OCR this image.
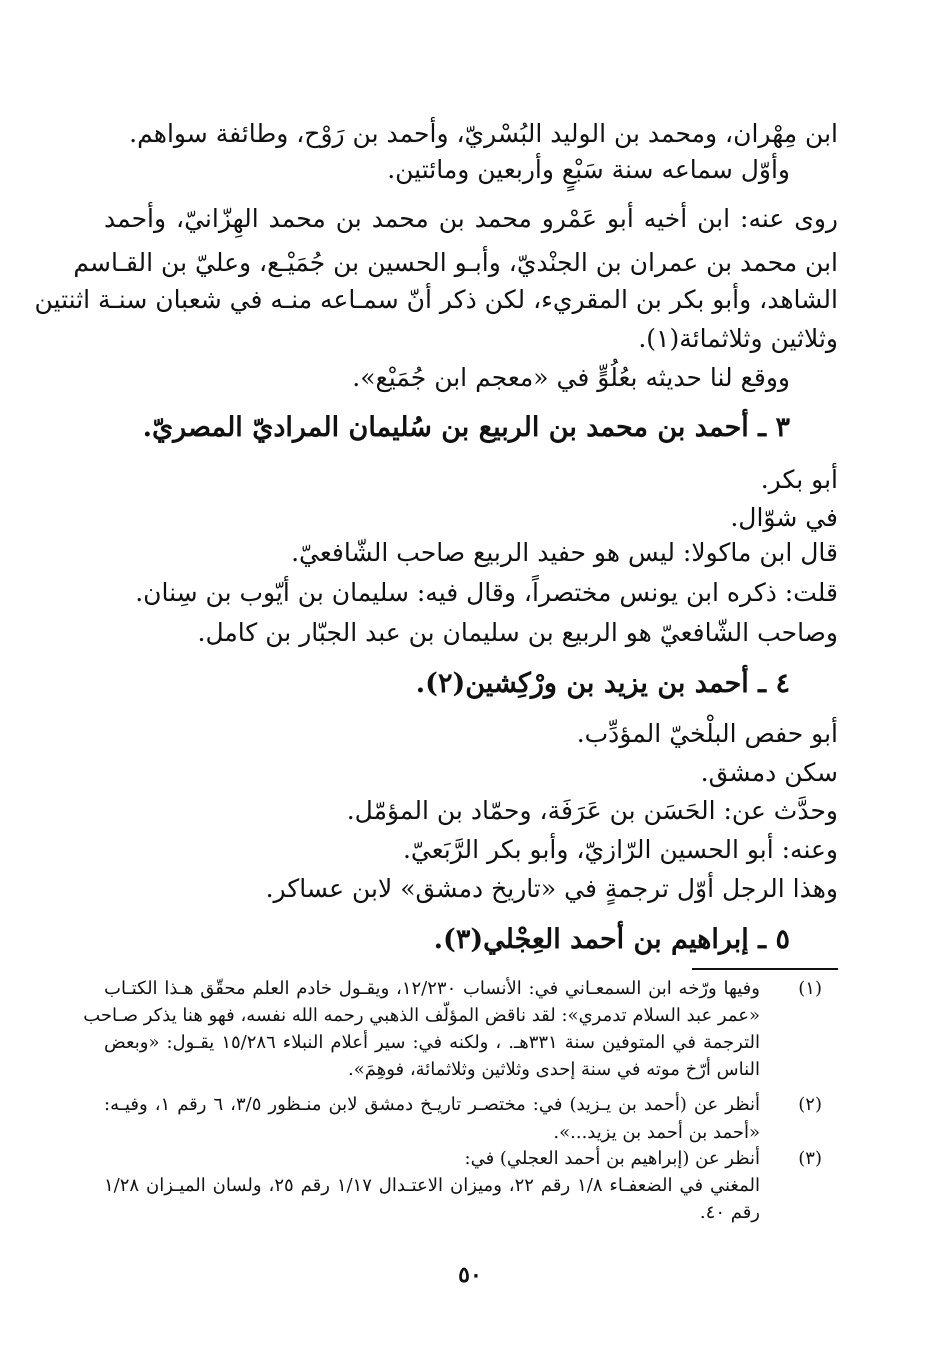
ابن مِهْران، ومحمد بن الوليد البُسْريّ، وأحمد بن رَوْح، وطائفة سواهم.
وأوّل سماعه سنة سَبْعٍ وأربعين ومائتين.
روى عنه: ابن أخيه أبو عَمْرو محمد بن محمد بن محمد الهِزّانيّ، وأحمد
ابن محمد بن عمران بن الجنْديّ، وأبـو الحسين بن جُمَيْـع، وعليّ بن القـاسم
الشاهد، وأبو بكر بن المقريء، لكن ذكر أنّ سمـاعه منـه في شعبان سنـة اثنتين
وثلاثين وثلاثمائة(١).
ووقع لنا حديثه بعُلُوٍّ في «معجم ابن جُمَيْع».
٣ ـ أحمد بن محمد بن الربيع بن سُليمان المراديّ المصريّ.
أبو بكر.
في شوّال.
قال ابن ماكولا: ليس هو حفيد الربيع صاحب الشّافعيّ.
قلت: ذكره ابن يونس مختصراً، وقال فيه: سليمان بن أيّوب بن سِنان.
وصاحب الشّافعيّ هو الربيع بن سليمان بن عبد الجبّار بن كامل.
٤ ـ أحمد بن يزيد بن ورْكِشين(٢).
أبو حفص البلْخيّ المؤدِّب.
سكن دمشق.
وحدَّث عن: الحَسَن بن عَرَفَة، وحمّاد بن المؤمّل.
وعنه: أبو الحسين الرّازيّ، وأبو بكر الرَّبَعيّ.
وهذا الرجل أوّل ترجمةٍ في «تاريخ دمشق» لابن عساكر.
٥ ـ إبراهيم بن أحمد العِجْلي(٣).
(١)
وفيها ورّخه ابن السمعـاني في: الأنساب ١٢/٢٣٠، ويقـول خادم العلم محقّق هـذا الكتـاب
«عمر عبد السلام تدمري»: لقد ناقض المؤلّف الذهبي رحمه الله نفسه، فهو هنا يذكر صـاحب
الترجمة في المتوفين سنة ٣٣١هـ. ، ولكنه في: سير أعلام النبلاء ١٥/٢٨٦ يقـول: «وبعض
الناس أرّخ موته في سنة إحدى وثلاثين وثلاثمائة، فوهِمَ».
(٢)
أنظر عن (أحمد بن يـزيد) في: مختصـر تاريـخ دمشق لابن منـظور ٣/٥، ٦ رقم ١، وفيـه:
«أحمد بن أحمد بن يزيد...».
(٣)
أنظر عن (إبراهيم بن أحمد العجلي) في:
المغني في الضعفـاء ١/٨ رقم ٢٢، وميزان الاعتـدال ١/١٧ رقم ٢٥، ولسان الميـزان ١/٢٨
رقم ٤٠.
٥٠
